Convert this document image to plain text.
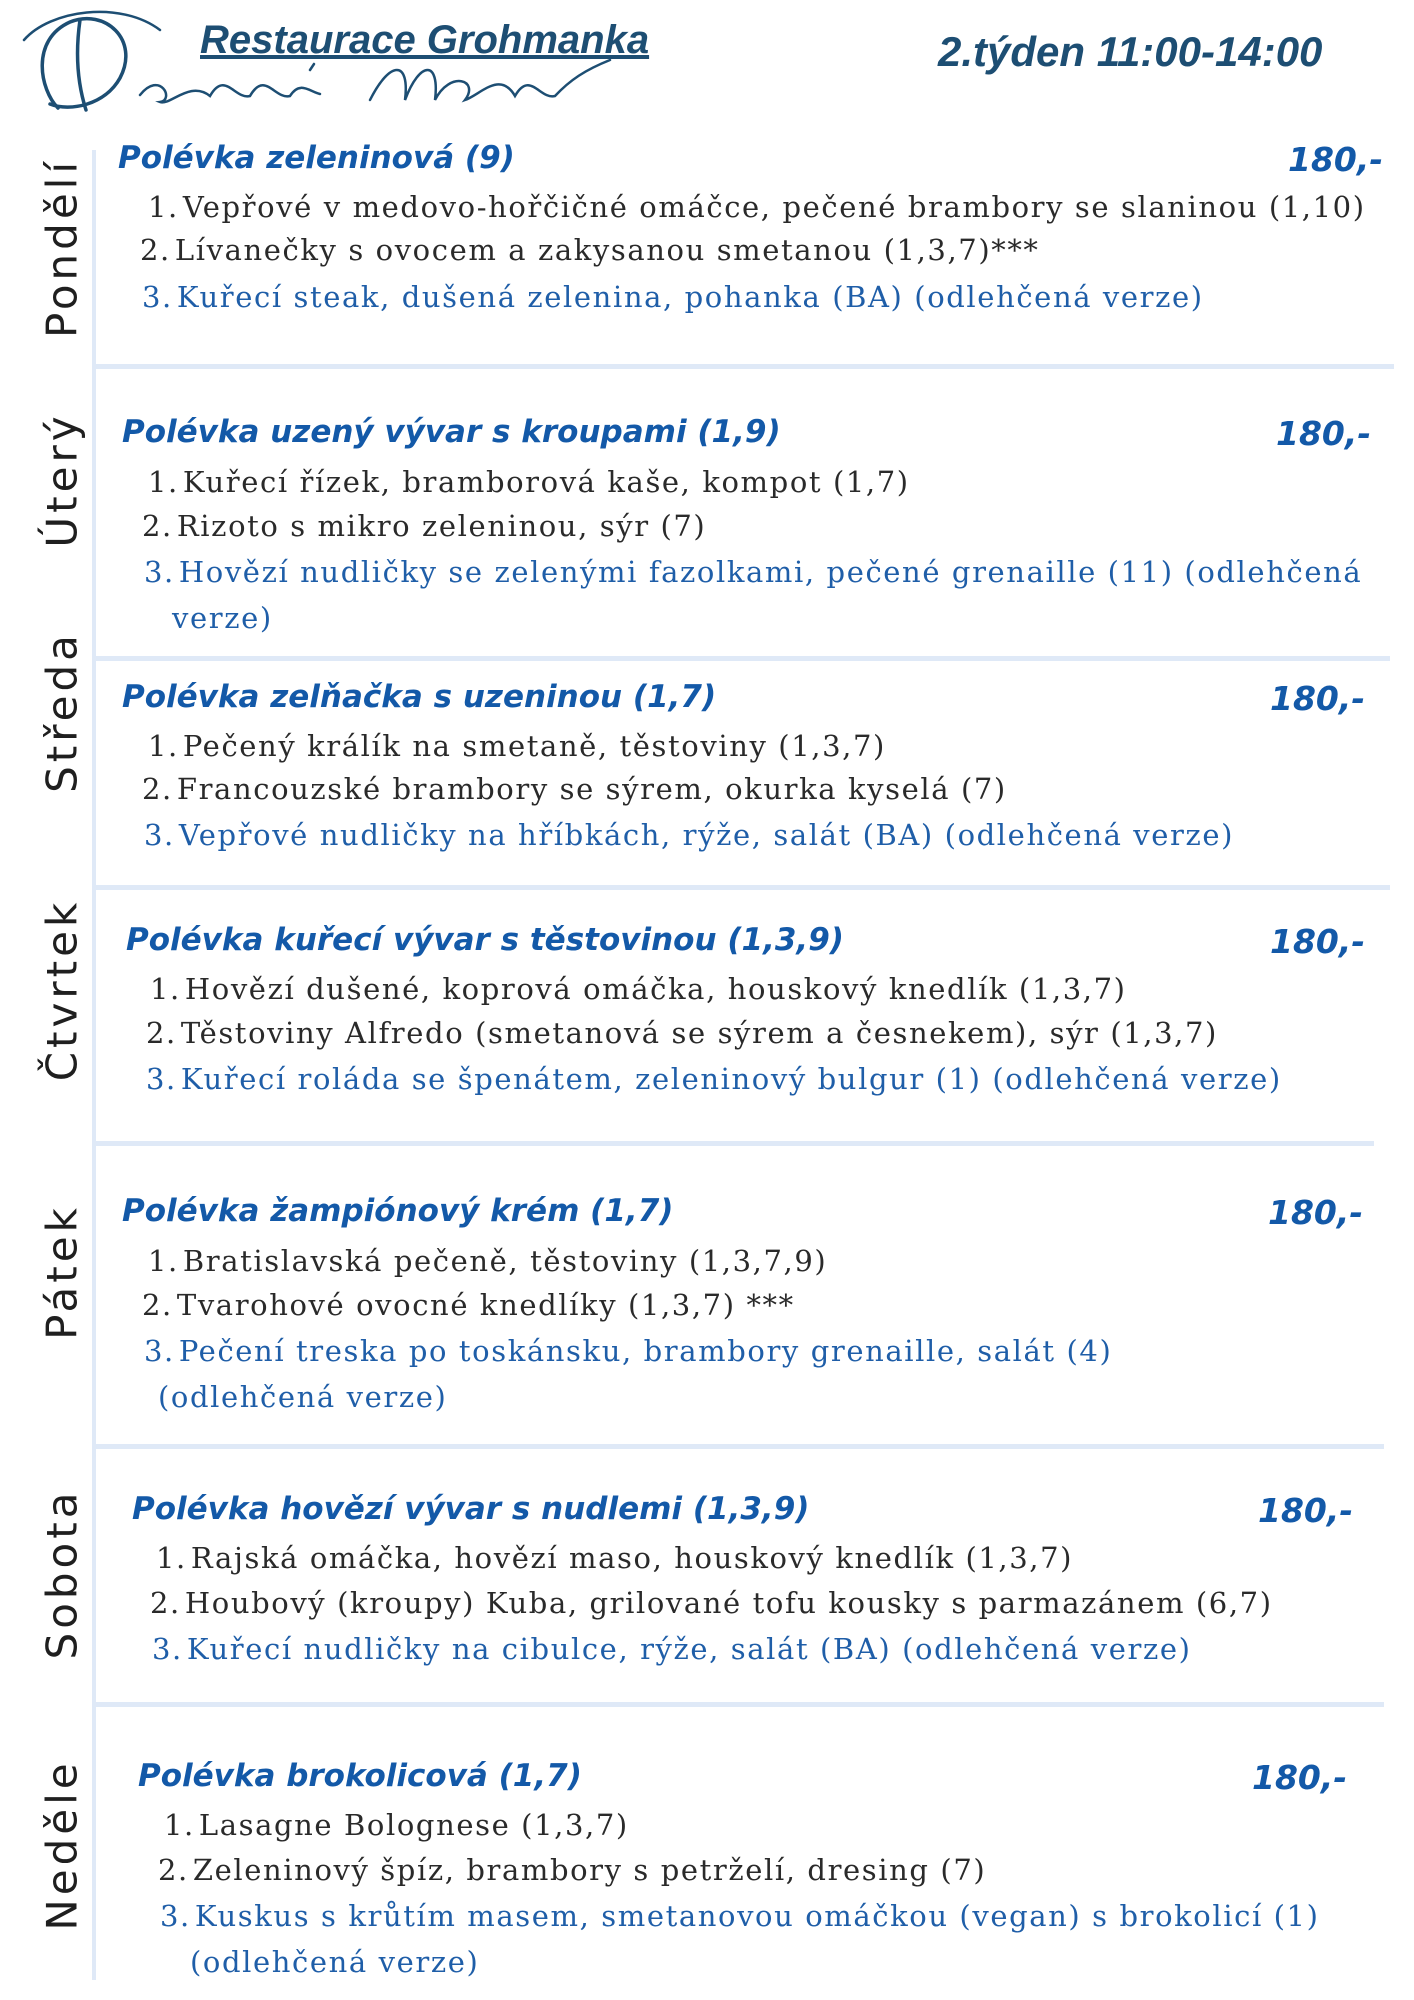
Restaurace Grohmanka	2.týden 11:00-14:00
Pondělí
Polévka zeleninová (9)	180,-
1. Vepřové v medovo-hořčičné omáčce, pečené brambory se slaninou (1,10)
2. Lívanečky s ovocem a zakysanou smetanou (1,3,7)***
3. Kuřecí steak, dušená zelenina, pohanka (BA) (odlehčená verze)
Úterý Polévka uzený vývar s kroupami (1,9)	180,-
1. Kuřecí řízek, bramborová kaše, kompot (1,7)
2. Rizoto s mikro zeleninou, sýr (7)
3. Hovězí nudličky se zelenými fazolkami, pečené grenaille (11) (odlehčená
verze)
Středa Polévka zelňačka s uzeninou (1,7)	180,-
1. Pečený králík na smetaně, těstoviny (1,3,7)
2. Francouzské brambory se sýrem, okurka kyselá (7)
3. Vepřové nudličky na hříbkách, rýže, salát (BA) (odlehčená verze)
Čtvrtek Polévka kuřecí vývar s těstovinou (1,3,9)	180,-
1. Hovězí dušené, koprová omáčka, houskový knedlík (1,3,7)
2. Těstoviny Alfredo (smetanová se sýrem a česnekem), sýr (1,3,7)
3. Kuřecí roláda se špenátem, zeleninový bulgur (1) (odlehčená verze)
Pátek Polévka žampiónový krém (1,7)	180,-
1. Bratislavská pečeně, těstoviny (1,3,7,9)
2. Tvarohové ovocné knedlíky (1,3,7) ***
3. Pečení treska po toskánsku, brambory grenaille, salát (4)
(odlehčená verze)
Sobota Polévka hovězí vývar s nudlemi (1,3,9)	180,-
1. Rajská omáčka, hovězí maso, houskový knedlík (1,3,7)
2. Houbový (kroupy) Kuba, grilované tofu kousky s parmazánem (6,7)
3. Kuřecí nudličky na cibulce, rýže, salát (BA) (odlehčená verze)
Neděle Polévka brokolicová (1,7)	180,-
1. Lasagne Bolognese (1,3,7)
2. Zeleninový špíz, brambory s petrželí, dresing (7)
3. Kuskus s krůtím masem, smetanovou omáčkou (vegan) s brokolicí (1)
(odlehčená verze)
